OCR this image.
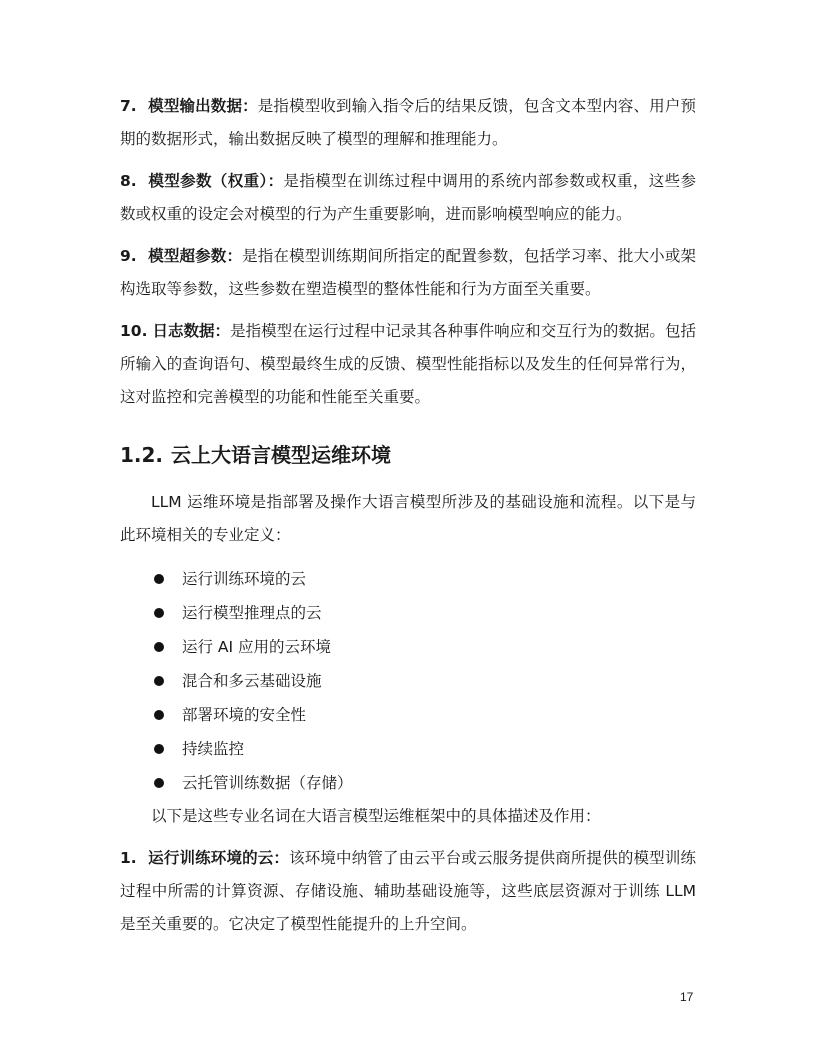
7. 模型输出数据：是指模型收到输入指令后的结果反馈，包含文本型内容、用户预期的数据形式，输出数据反映了模型的理解和推理能力。

8. 模型参数（权重）：是指模型在训练过程中调用的系统内部参数或权重，这些参数或权重的设定会对模型的行为产生重要影响，进而影响模型响应的能力。

9. 模型超参数：是指在模型训练期间所指定的配置参数，包括学习率、批大小或架构选取等参数，这些参数在塑造模型的整体性能和行为方面至关重要。

10. 日志数据：是指模型在运行过程中记录其各种事件响应和交互行为的数据。包括所输入的查询语句、模型最终生成的反馈、模型性能指标以及发生的任何异常行为，这对监控和完善模型的功能和性能至关重要。

1.2. 云上大语言模型运维环境

LLM 运维环境是指部署及操作大语言模型所涉及的基础设施和流程。以下是与此环境相关的专业定义：

运行训练环境的云
运行模型推理点的云
运行 AI 应用的云环境
混合和多云基础设施
部署环境的安全性
持续监控
云托管训练数据（存储）

以下是这些专业名词在大语言模型运维框架中的具体描述及作用：

1. 运行训练环境的云：该环境中纳管了由云平台或云服务提供商所提供的模型训练过程中所需的计算资源、存储设施、辅助基础设施等，这些底层资源对于训练 LLM 是至关重要的。它决定了模型性能提升的上升空间。

17
